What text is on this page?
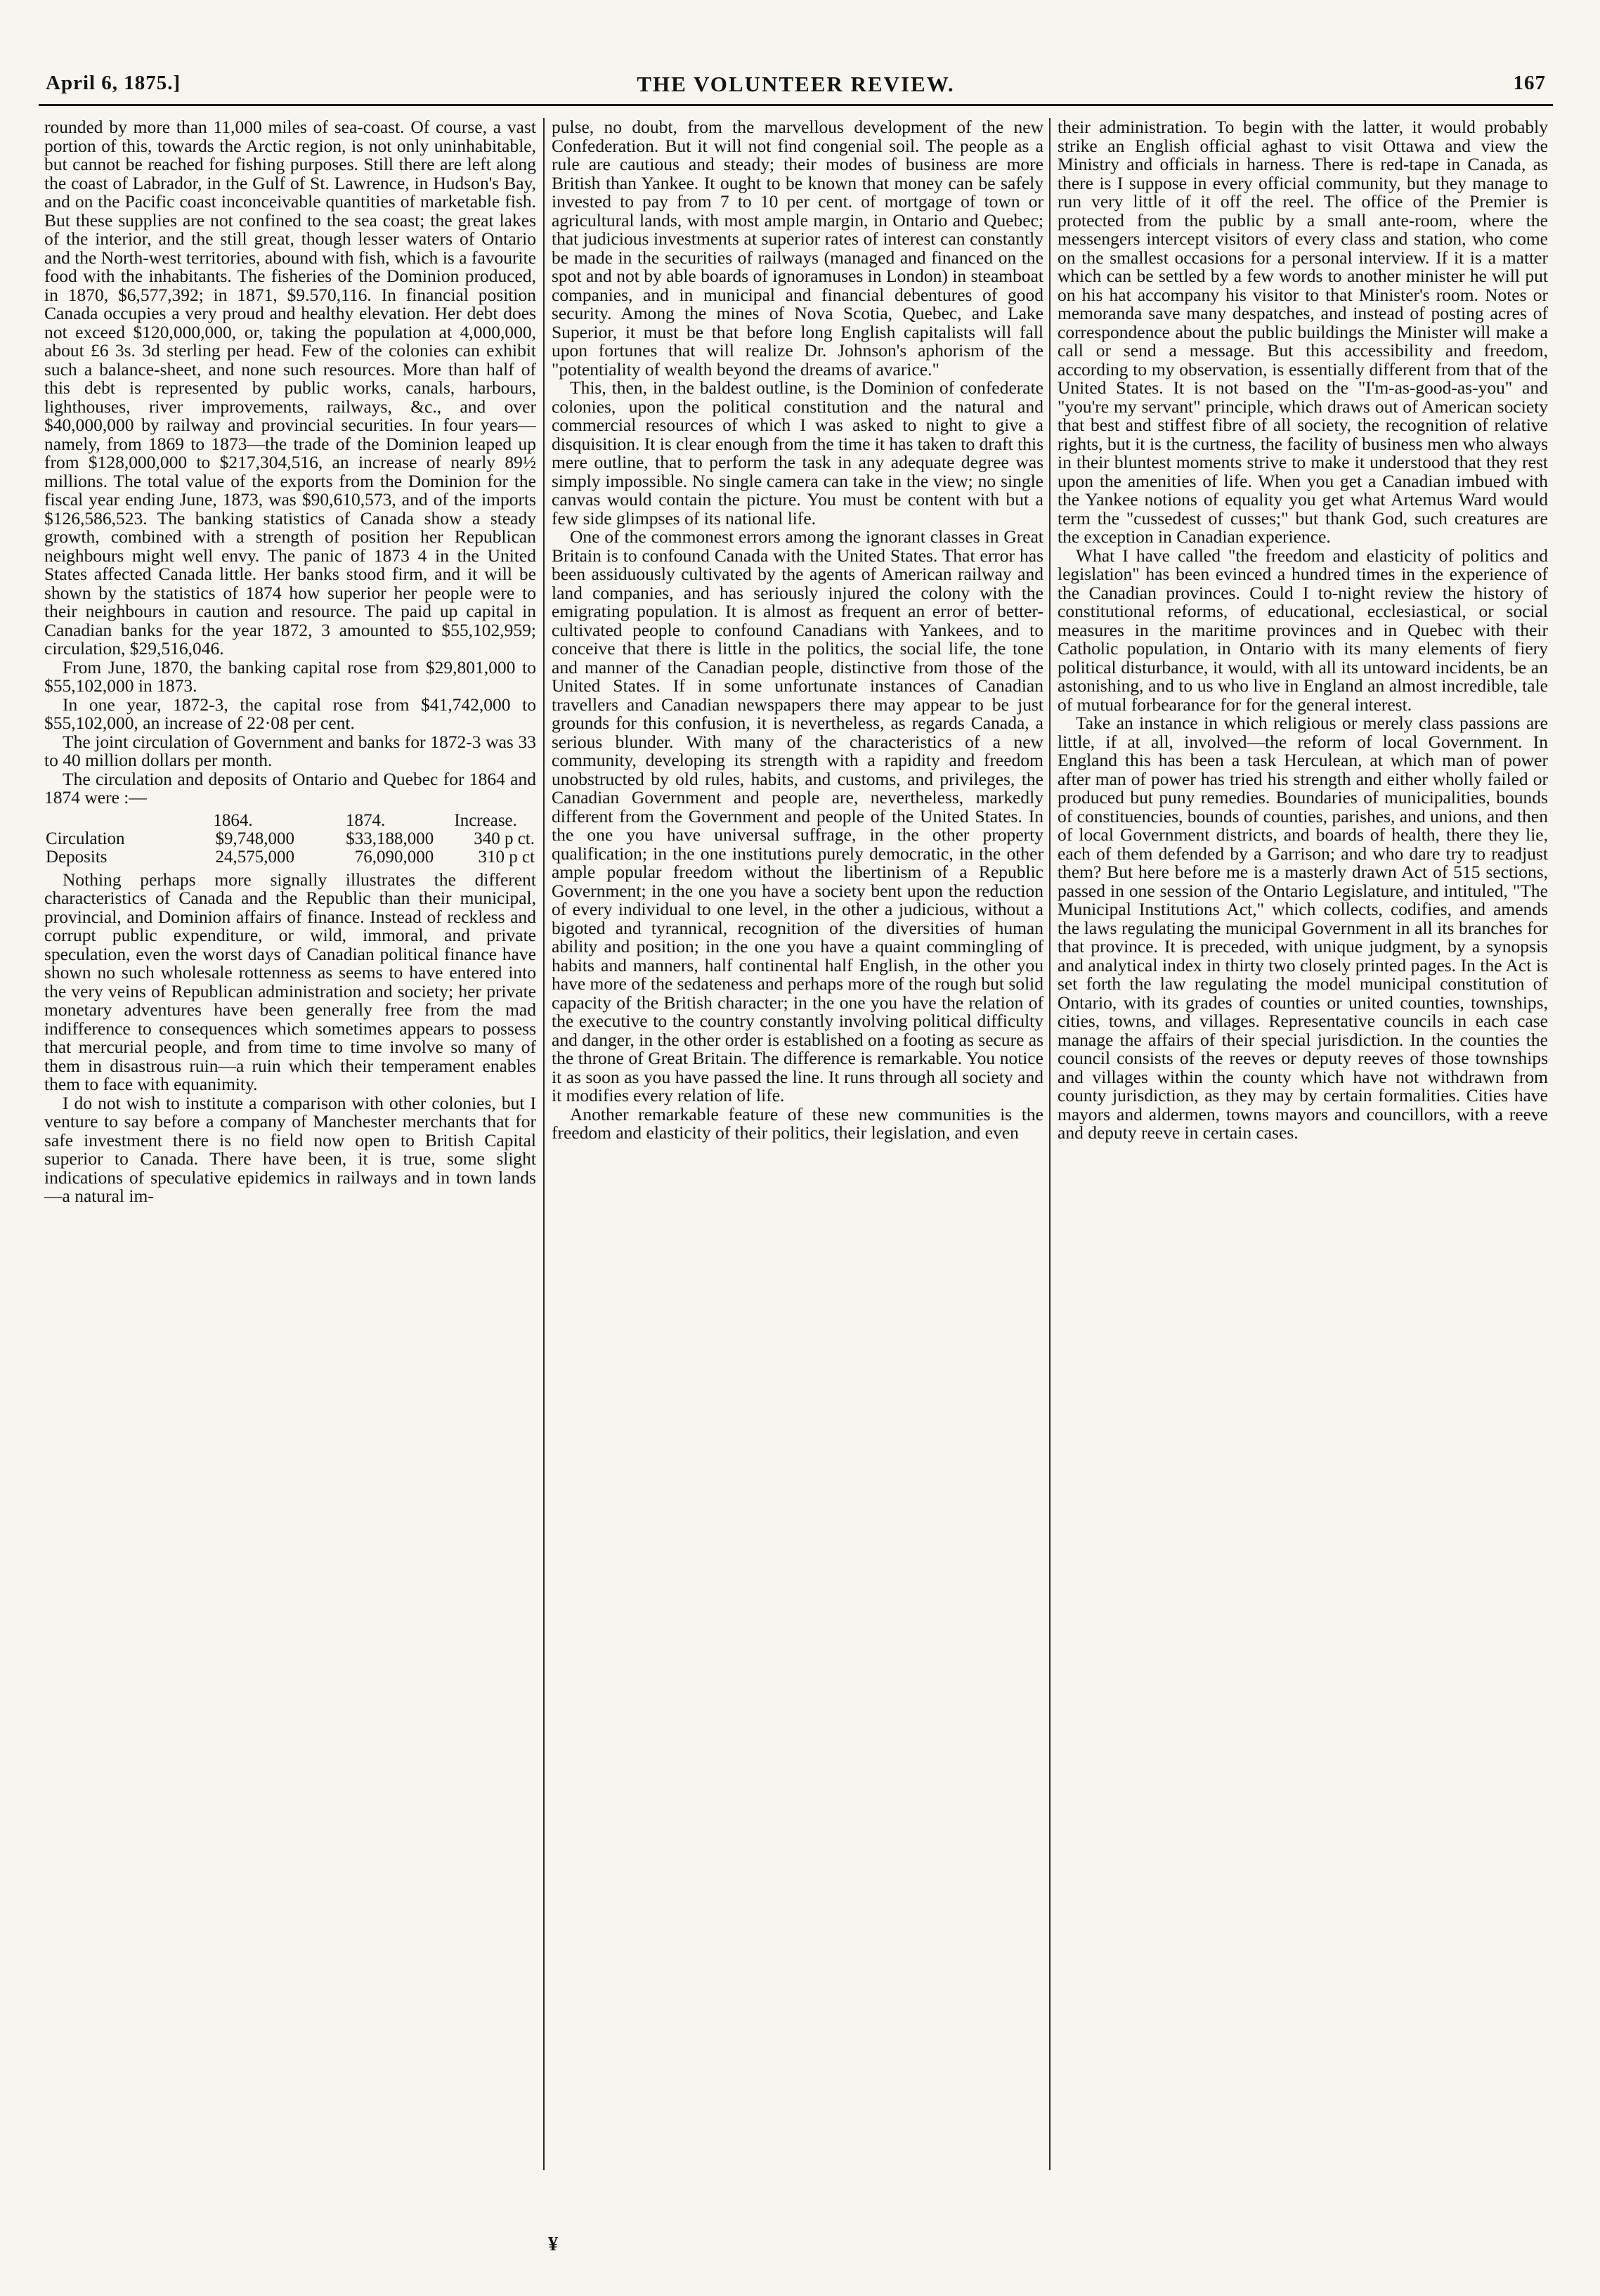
April 6, 1875.]	THE VOLUNTEER REVIEW.	167

rounded by more than 11,000 miles of sea-coast. Of course, a vast portion of this, towards the Arctic region, is not only uninhabitable, but cannot be reached for fishing purposes. Still there are left along the coast of Labrador, in the Gulf of St. Lawrence, in Hudson's Bay, and on the Pacific coast inconceivable quantities of marketable fish. But these supplies are not confined to the sea coast; the great lakes of the interior, and the still great, though lesser waters of Ontario and the North-west territories, abound with fish, which is a favourite food with the inhabitants. The fisheries of the Dominion produced, in 1870, $6,577,392; in 1871, $9.570,116. In financial position Canada occupies a very proud and healthy elevation. Her debt does not exceed $120,000,000, or, taking the population at 4,000,000, about £6 3s. 3d sterling per head. Few of the colonies can exhibit such a balance-sheet, and none such resources. More than half of this debt is represented by public works, canals, harbours, lighthouses, river improvements, railways, &c., and over $40,000,000 by railway and provincial securities. In four years—namely, from 1869 to 1873—the trade of the Dominion leaped up from $128,000,000 to $217,304,516, an increase of nearly 89½ millions. The total value of the exports from the Dominion for the fiscal year ending June, 1873, was $90,610,573, and of the imports $126,586,523. The banking statistics of Canada show a steady growth, combined with a strength of position her Republican neighbours might well envy. The panic of 1873 4 in the United States affected Canada little. Her banks stood firm, and it will be shown by the statistics of 1874 how superior her people were to their neighbours in caution and resource. The paid up capital in Canadian banks for the year 1872, 3 amounted to $55,102,959; circulation, $29,516,046.

From June, 1870, the banking capital rose from $29,801,000 to $55,102,000 in 1873.

In one year, 1872-3, the capital rose from $41,742,000 to $55,102,000, an increase of 22·08 per cent.

The joint circulation of Government and banks for 1872-3 was 33 to 40 million dollars per month.

The circulation and deposits of Ontario and Quebec for 1864 and 1874 were :—

	1864.	1874.	Increase.
Circulation	$9,748,000	$33,188,000	340 p ct.
Deposits	24,575,000	76,090,000	310 p ct

Nothing perhaps more signally illustrates the different characteristics of Canada and the Republic than their municipal, provincial, and Dominion affairs of finance. Instead of reckless and corrupt public expenditure, or wild, immoral, and private speculation, even the worst days of Canadian political finance have shown no such wholesale rottenness as seems to have entered into the very veins of Republican administration and society; her private monetary adventures have been generally free from the mad indifference to consequences which sometimes appears to possess that mercurial people, and from time to time involve so many of them in disastrous ruin—a ruin which their temperament enables them to face with equanimity.

I do not wish to institute a comparison with other colonies, but I venture to say before a company of Manchester merchants that for safe investment there is no field now open to British Capital superior to Canada. There have been, it is true, some slight indications of speculative epidemics in railways and in town lands—a natural im-

pulse, no doubt, from the marvellous development of the new Confederation. But it will not find congenial soil. The people as a rule are cautious and steady; their modes of business are more British than Yankee. It ought to be known that money can be safely invested to pay from 7 to 10 per cent. of mortgage of town or agricultural lands, with most ample margin, in Ontario and Quebec; that judicious investments at superior rates of interest can constantly be made in the securities of railways (managed and financed on the spot and not by able boards of ignoramuses in London) in steamboat companies, and in municipal and financial debentures of good security. Among the mines of Nova Scotia, Quebec, and Lake Superior, it must be that before long English capitalists will fall upon fortunes that will realize Dr. Johnson's aphorism of the "potentiality of wealth beyond the dreams of avarice."

This, then, in the baldest outline, is the Dominion of confederate colonies, upon the political constitution and the natural and commercial resources of which I was asked to night to give a disquisition. It is clear enough from the time it has taken to draft this mere outline, that to perform the task in any adequate degree was simply impossible. No single camera can take in the view; no single canvas would contain the picture. You must be content with but a few side glimpses of its national life.

One of the commonest errors among the ignorant classes in Great Britain is to confound Canada with the United States. That error has been assiduously cultivated by the agents of American railway and land companies, and has seriously injured the colony with the emigrating population. It is almost as frequent an error of better-cultivated people to confound Canadians with Yankees, and to conceive that there is little in the politics, the social life, the tone and manner of the Canadian people, distinctive from those of the United States. If in some unfortunate instances of Canadian travellers and Canadian newspapers there may appear to be just grounds for this confusion, it is nevertheless, as regards Canada, a serious blunder. With many of the characteristics of a new community, developing its strength with a rapidity and freedom unobstructed by old rules, habits, and customs, and privileges, the Canadian Government and people are, nevertheless, markedly different from the Government and people of the United States. In the one you have universal suffrage, in the other property qualification; in the one institutions purely democratic, in the other ample popular freedom without the libertinism of a Republic Government; in the one you have a society bent upon the reduction of every individual to one level, in the other a judicious, without a bigoted and tyrannical, recognition of the diversities of human ability and position; in the one you have a quaint commingling of habits and manners, half continental half English, in the other you have more of the sedateness and perhaps more of the rough but solid capacity of the British character; in the one you have the relation of the executive to the country constantly involving political difficulty and danger, in the other order is established on a footing as secure as the throne of Great Britain. The difference is remarkable. You notice it as soon as you have passed the line. It runs through all society and it modifies every relation of life.

Another remarkable feature of these new communities is the freedom and elasticity of their politics, their legislation, and even

their administration. To begin with the latter, it would probably strike an English official aghast to visit Ottawa and view the Ministry and officials in harness. There is red-tape in Canada, as there is I suppose in every official community, but they manage to run very little of it off the reel. The office of the Premier is protected from the public by a small ante-room, where the messengers intercept visitors of every class and station, who come on the smallest occasions for a personal interview. If it is a matter which can be settled by a few words to another minister he will put on his hat accompany his visitor to that Minister's room. Notes or memoranda save many despatches, and instead of posting acres of correspondence about the public buildings the Minister will make a call or send a message. But this accessibility and freedom, according to my observation, is essentially different from that of the United States. It is not based on the "I'm-as-good-as-you" and "you're my servant" principle, which draws out of American society that best and stiffest fibre of all society, the recognition of relative rights, but it is the curtness, the facility of business men who always in their bluntest moments strive to make it understood that they rest upon the amenities of life. When you get a Canadian imbued with the Yankee notions of equality you get what Artemus Ward would term the "cussedest of cusses;" but thank God, such creatures are the exception in Canadian experience.

What I have called "the freedom and elasticity of politics and legislation" has been evinced a hundred times in the experience of the Canadian provinces. Could I to-night review the history of constitutional reforms, of educational, ecclesiastical, or social measures in the maritime provinces and in Quebec with their Catholic population, in Ontario with its many elements of fiery political disturbance, it would, with all its untoward incidents, be an astonishing, and to us who live in England an almost incredible, tale of mutual forbearance for for the general interest.

Take an instance in which religious or merely class passions are little, if at all, involved—the reform of local Government. In England this has been a task Herculean, at which man of power after man of power has tried his strength and either wholly failed or produced but puny remedies. Boundaries of municipalities, bounds of constituencies, bounds of counties, parishes, and unions, and then of local Government districts, and boards of health, there they lie, each of them defended by a Garrison; and who dare try to readjust them? But here before me is a masterly drawn Act of 515 sections, passed in one session of the Ontario Legislature, and intituled, "The Municipal Institutions Act," which collects, codifies, and amends the laws regulating the municipal Government in all its branches for that province. It is preceded, with unique judgment, by a synopsis and analytical index in thirty two closely printed pages. In the Act is set forth the law regulating the model municipal constitution of Ontario, with its grades of counties or united counties, townships, cities, towns, and villages. Representative councils in each case manage the affairs of their special jurisdiction. In the counties the council consists of the reeves or deputy reeves of those townships and villages within the county which have not withdrawn from county jurisdiction, as they may by certain formalities. Cities have mayors and aldermen, towns mayors and councillors, with a reeve and deputy reeve in certain cases.

¥
